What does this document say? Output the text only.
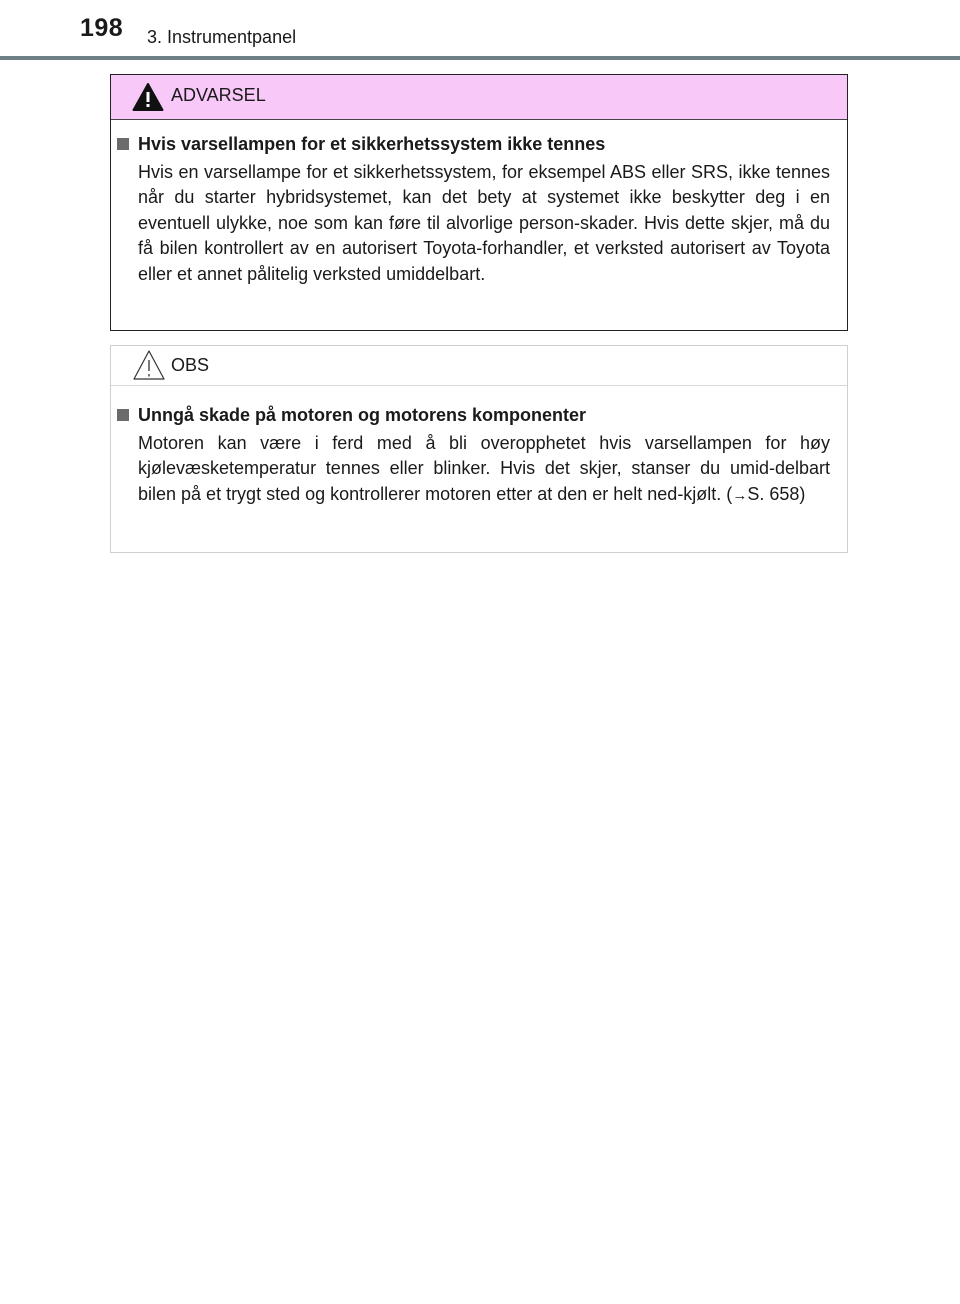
198 3. Instrumentpanel
ADVARSEL
Hvis varsellampen for et sikkerhetssystem ikke tennes

Hvis en varsellampe for et sikkerhetssystem, for eksempel ABS eller SRS, ikke tennes når du starter hybridsystemet, kan det bety at systemet ikke beskytter deg i en eventuell ulykke, noe som kan føre til alvorlige person-skader. Hvis dette skjer, må du få bilen kontrollert av en autorisert Toyota-forhandler, et verksted autorisert av Toyota eller et annet pålitelig verksted umiddelbart.

OBS
Unngå skade på motoren og motorens komponenter

Motoren kan være i ferd med å bli overopphetet hvis varsellampen for høy kjølevæsketemperatur tennes eller blinker. Hvis det skjer, stanser du umid-delbart bilen på et trygt sted og kontrollerer motoren etter at den er helt ned-kjølt. (→S. 658)
